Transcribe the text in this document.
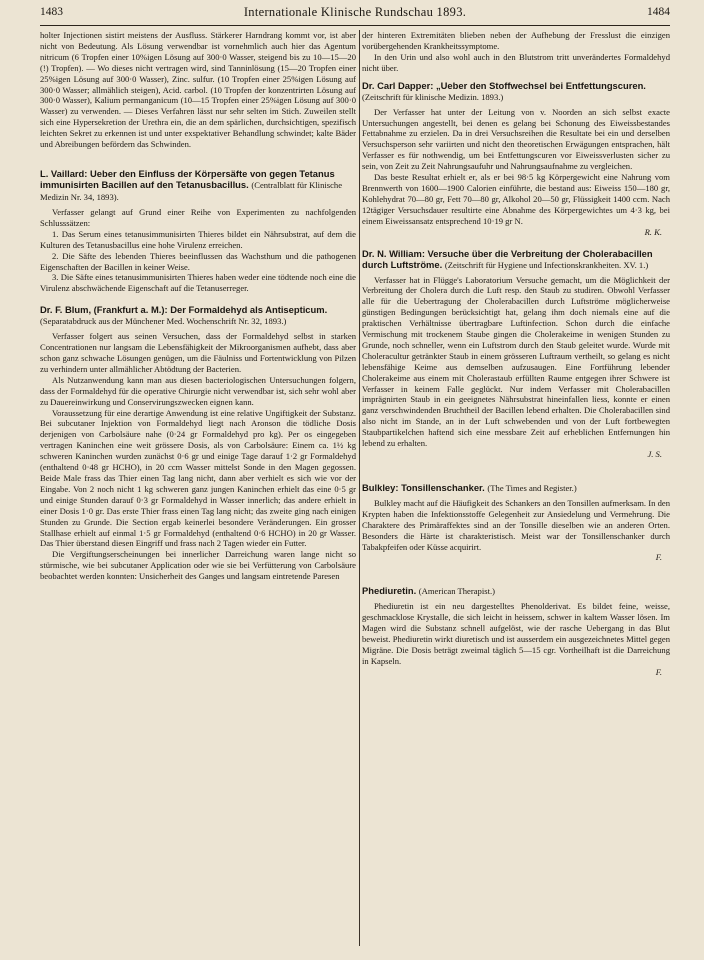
1483	Internationale Klinische Rundschau 1893.	1484

holter Injectionen sistirt meistens der Ausfluss. Stärkerer Harndrang kommt vor, ist aber nicht von Bedeutung. Als Lösung verwendbar ist vornehmlich auch hier das Agentum nitricum (6 Tropfen einer 10%igen Lösung auf 300·0 Wasser, steigend bis zu 10—15—20 (!) Tropfen). — Wo dieses nicht vertragen wird, sind Tanninlösung (15—20 Tropfen einer 25%igen Lösung auf 300·0 Wasser), Zinc. sulfur. (10 Tropfen einer 25%igen Lösung auf 300·0 Wasser; allmählich steigen), Acid. carbol. (10 Tropfen der konzentrirten Lösung auf 300·0 Wasser), Kalium permanganicum (10—15 Tropfen einer 25%igen Lösung auf 300·0 Wasser) zu verwenden. — Dieses Verfahren lässt nur sehr selten im Stich. Zuweilen stellt sich eine Hypersekretion der Urethra ein, die an dem spärlichen, durchsichtigen, spezifisch leichten Sekret zu erkennen ist und unter exspektativer Behandlung schwindet; kalte Bäder und Abreibungen befördern das Schwinden.

L. Vaillard: Ueber den Einfluss der Körpersäfte von gegen Tetanus immunisirten Bacillen auf den Tetanusbacillus. (Centralblatt für Klinische Medizin Nr. 34, 1893).

Verfasser gelangt auf Grund einer Reihe von Experimenten zu nachfolgenden Schlusssätzen:

1. Das Serum eines tetanusimmunisirten Thieres bildet ein Nährsubstrat, auf dem die Kulturen des Tetanusbacillus eine hohe Virulenz erreichen.

2. Die Säfte des lebenden Thieres beeinflussen das Wachsthum und die pathogenen Eigenschaften der Bacillen in keiner Weise.

3. Die Säfte eines tetanusimmunisirten Thieres haben weder eine tödtende noch eine die Virulenz abschwächende Eigenschaft auf die Tetanuserreger.

Dr. F. Blum, (Frankfurt a. M.): Der Formaldehyd als Antisepticum. (Separatabdruck aus der Münchener Med. Wochenschrift Nr. 32, 1893.)

Verfasser folgert aus seinen Versuchen, dass der Formaldehyd selbst in starken Concentrationen nur langsam die Lebensfähigkeit der Mikroorganismen aufhebt, dass aber schon ganz schwache Lösungen genügen, um die Fäulniss und Fortentwicklung von Pilzen zu verhindern unter allmählicher Abtödtung der Bacterien.

Als Nutzanwendung kann man aus diesen bacteriologischen Untersuchungen folgern, dass der Formaldehyd für die operative Chirurgie nicht verwendbar ist, sich sehr wohl aber zu Dauereinwirkung und Conservirungszwecken eignen kann.

Voraussetzung für eine derartige Anwendung ist eine relative Ungiftigkeit der Substanz. Bei subcutaner Injektion von Formaldehyd liegt nach Aronson die tödliche Dosis derjenigen von Carbolsäure nahe (0·24 gr Formaldehyd pro kg). Per os eingegeben vertragen Kaninchen eine weit grössere Dosis, als von Carbolsäure: Einem ca. 1½ kg schweren Kaninchen wurden zunächst 0·6 gr und einige Tage darauf 1·2 gr Formaldehyd (enthaltend 0·48 gr HCHO), in 20 ccm Wasser mittelst Sonde in den Magen gegossen. Beide Male frass das Thier einen Tag lang nicht, dann aber verhielt es sich wie vor der Eingabe. Von 2 noch nicht 1 kg schweren ganz jungen Kaninchen erhielt das eine 0·5 gr und einige Stunden darauf 0·3 gr Formaldehyd in Wasser innerlich; das andere erhielt in einer Dosis 1·0 gr. Das erste Thier frass einen Tag lang nicht; das zweite ging nach einigen Stunden zu Grunde. Die Section ergab keinerlei besondere Veränderungen. Ein grosser Stallhase erhielt auf einmal 1·5 gr Formaldehyd (enthaltend 0·6 HCHO) in 20 gr Wasser. Das Thier überstand diesen Eingriff und frass nach 2 Tagen wieder ein Futter.

Die Vergiftungserscheinungen bei innerlicher Darreichung waren lange nicht so stürmische, wie bei subcutaner Application oder wie sie bei Verfütterung von Carbolsäure beobachtet werden konnten: Unsicherheit des Ganges und langsam eintretende Paresen

der hinteren Extremitäten blieben neben der Aufhebung der Fresslust die einzigen vorübergehenden Krankheitssymptome.

In den Urin und also wohl auch in den Blutstrom tritt unverändertes Formaldehyd nicht über.

Dr. Carl Dapper: „Ueber den Stoffwechsel bei Entfettungscuren. (Zeitschrift für klinische Medizin. 1893.)

Der Verfasser hat unter der Leitung von v. Noorden an sich selbst exacte Untersuchungen angestellt, bei denen es gelang bei Schonung des Eiweissbestandes Fettabnahme zu erzielen. Da in drei Versuchsreihen die Resultate bei ein und derselben Versuchsperson sehr variirten und nicht den theoretischen Erwägungen entsprachen, hält Verfasser es für nothwendig, um bei Entfettungscuren vor Eiweissverlusten sicher zu sein, von Zeit zu Zeit Nahrungsaufuhr und Nahrungsaufnahme zu vergleichen.

Das beste Resultat erhielt er, als er bei 98·5 kg Körpergewicht eine Nahrung vom Brennwerth von 1600—1900 Calorien einführte, die bestand aus: Eiweiss 150—180 gr, Kohlehydrat 70—80 gr, Fett 70—80 gr, Alkohol 20—50 gr, Flüssigkeit 1400 ccm. Nach 12tägiger Versuchsdauer resultirte eine Abnahme des Körpergewichtes um 4·3 kg, bei einem Eiweissansatz entsprechend 10·19 gr N.

R. K.

Dr. N. William: Versuche über die Verbreitung der Cholerabacillen durch Luftströme. (Zeitschrift für Hygiene und Infectionskrankheiten. XV. 1.)

Verfasser hat in Flügge's Laboratorium Versuche gemacht, um die Möglichkeit der Verbreitung der Cholera durch die Luft resp. den Staub zu studiren. Obwohl Verfasser alle für die Uebertragung der Cholerabacillen durch Luftströme möglicherweise günstigen Bedingungen berücksichtigt hat, gelang ihm doch niemals eine auf die praktischen Verhältnisse übertragbare Luftinfection. Schon durch die einfache Vermischung mit trockenem Staube gingen die Cholerakeime in wenigen Stunden zu Grunde, noch schneller, wenn ein Luftstrom durch den Staub geleitet wurde. Wurde mit Choleracultur getränkter Staub in einem grösseren Luftraum vertheilt, so gelang es nicht lebensfähige Keime aus demselben aufzusaugen. Eine Fortführung lebender Cholerakeime aus einem mit Cholerastaub erfüllten Raume entgegen ihrer Schwere ist Verfasser in keinem Falle geglückt. Nur indem Verfasser mit Cholerabacillen imprägnirten Staub in ein geeignetes Nährsubstrat hineinfallen liess, konnte er einen ganz verschwindenden Bruchtheil der Bacillen lebend erhalten. Die Cholerabacillen sind also nicht im Stande, an in der Luft schwebenden und von der Luft fortbewegten Staubpartikelchen haftend sich eine messbare Zeit auf erheblichen Entfernungen hin lebend zu erhalten.

J. S.

Bulkley: Tonsillenschanker. (The Times and Register.)

Bulkley macht auf die Häufigkeit des Schankers an den Tonsillen aufmerksam. In den Krypten haben die Infektionsstoffe Gelegenheit zur Ansiedelung und Vermehrung. Die Charaktere des Primäraffektes sind an der Tonsille dieselben wie an anderen Orten. Besonders die Härte ist charakteristisch. Meist war der Tonsillenschanker durch Tabakpfeifen oder Küsse acquirirt.

F.

Phediuretin. (American Therapist.)

Phediuretin ist ein neu dargestelltes Phenolderivat. Es bildet feine, weisse, geschmacklose Krystalle, die sich leicht in heissem, schwer in kaltem Wasser lösen. Im Magen wird die Substanz schnell aufgelöst, wie der rasche Uebergang in das Blut beweist. Phediuretin wirkt diuretisch und ist ausserdem ein ausgezeichnetes Mittel gegen Migräne. Die Dosis beträgt zweimal täglich 5—15 cgr. Vortheilhaft ist die Darreichung in Kapseln.

F.
